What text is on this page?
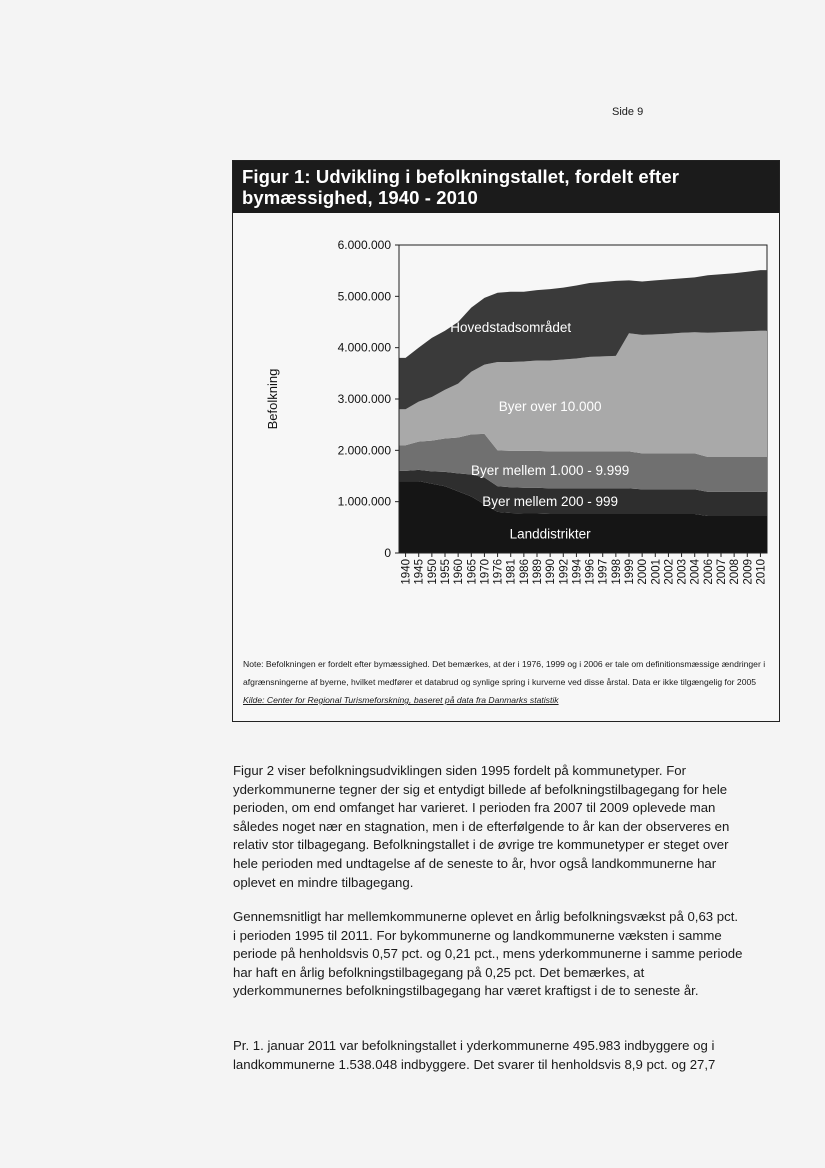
Side 9
Figur 1: Udvikling i befolkningstallet, fordelt efter bymæssighed, 1940 - 2010
0
1.000.000
2.000.000
3.000.000
4.000.000
5.000.000
6.000.000
1940 1945 1950 1955 1960 1965 1970 1976 1981 1986 1989 1990 1992 1994 1996 1997 1998 1999 2000 2001 2002 2003 2004 2006 2007 2008 2009 2010
Befolkning
Landdistrikter
Byer mellem 200 - 999
Byer mellem 1.000 - 9.999
Byer over 10.000
Hovedstadsområdet
Note: Befolkningen er fordelt efter bymæssighed. Det bemærkes, at der i 1976, 1999 og i 2006 er tale om definitionsmæssige ændringer i afgrænsningerne af byerne, hvilket medfører et databrud og synlige spring i kurverne ved disse årstal. Data er ikke tilgængelig for 2005
Kilde: Center for Regional Turismeforskning, baseret på data fra Danmarks statistik

Figur 2 viser befolkningsudviklingen siden 1995 fordelt på kommunetyper. For yderkommunerne tegner der sig et entydigt billede af befolkningstilbagegang for hele perioden, om end omfanget har varieret. I perioden fra 2007 til 2009 oplevede man således noget nær en stagnation, men i de efterfølgende to år kan der observeres en relativ stor tilbagegang. Befolkningstallet i de øvrige tre kommunetyper er steget over hele perioden med undtagelse af de seneste to år, hvor også landkommunerne har oplevet en mindre tilbagegang.

Gennemsnitligt har mellemkommunerne oplevet en årlig befolkningsvækst på 0,63 pct. i perioden 1995 til 2011. For bykommunerne og landkommunerne væksten i samme periode på henholdsvis 0,57 pct. og 0,21 pct., mens yderkommunerne i samme periode har haft en årlig befolkningstilbagegang på 0,25 pct. Det bemærkes, at yderkommunernes befolkningstilbagegang har været kraftigst i de to seneste år.

Pr. 1. januar 2011 var befolkningstallet i yderkommunerne 495.983 indbyggere og i landkommunerne 1.538.048 indbyggere. Det svarer til henholdsvis 8,9 pct. og 27,7
